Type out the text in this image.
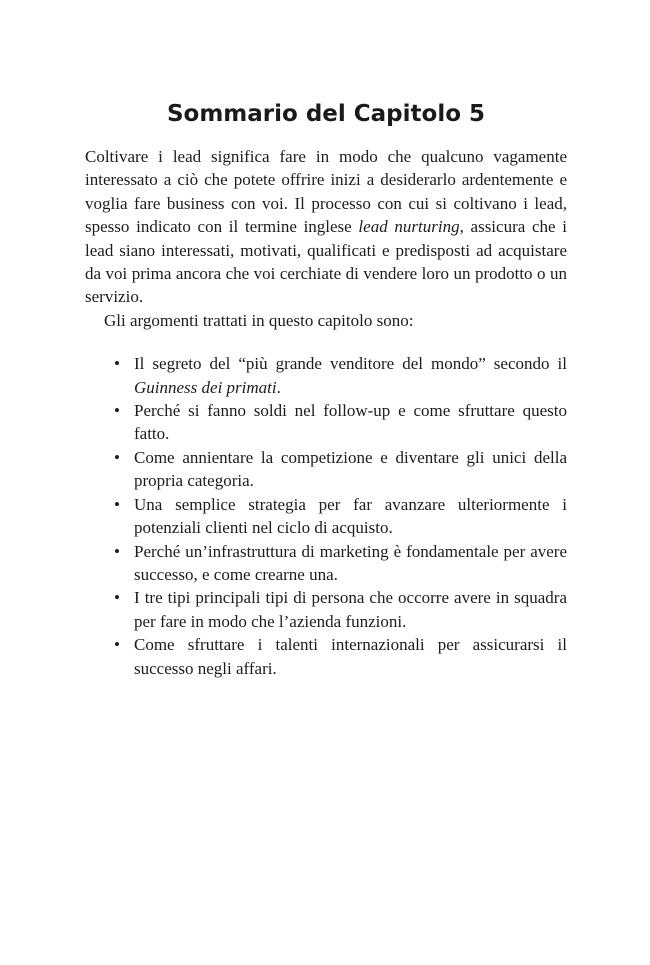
Sommario del Capitolo 5

Coltivare i lead significa fare in modo che qualcuno vagamente interessato a ciò che potete offrire inizi a desiderarlo ardentemente e voglia fare business con voi. Il processo con cui si coltivano i lead, spesso indicato con il termine inglese lead nurturing, assicura che i lead siano interessati, motivati, qualificati e predisposti ad acquistare da voi prima ancora che voi cerchiate di vendere loro un prodotto o un servizio.

Gli argomenti trattati in questo capitolo sono:

• Il segreto del “più grande venditore del mondo” secondo il Guinness dei primati.
• Perché si fanno soldi nel follow-up e come sfruttare questo fatto.
• Come annientare la competizione e diventare gli unici della propria categoria.
• Una semplice strategia per far avanzare ulteriormente i potenziali clienti nel ciclo di acquisto.
• Perché un’infrastruttura di marketing è fondamentale per avere successo, e come crearne una.
• I tre tipi principali tipi di persona che occorre avere in squadra per fare in modo che l’azienda funzioni.
• Come sfruttare i talenti internazionali per assicurarsi il successo negli affari.
